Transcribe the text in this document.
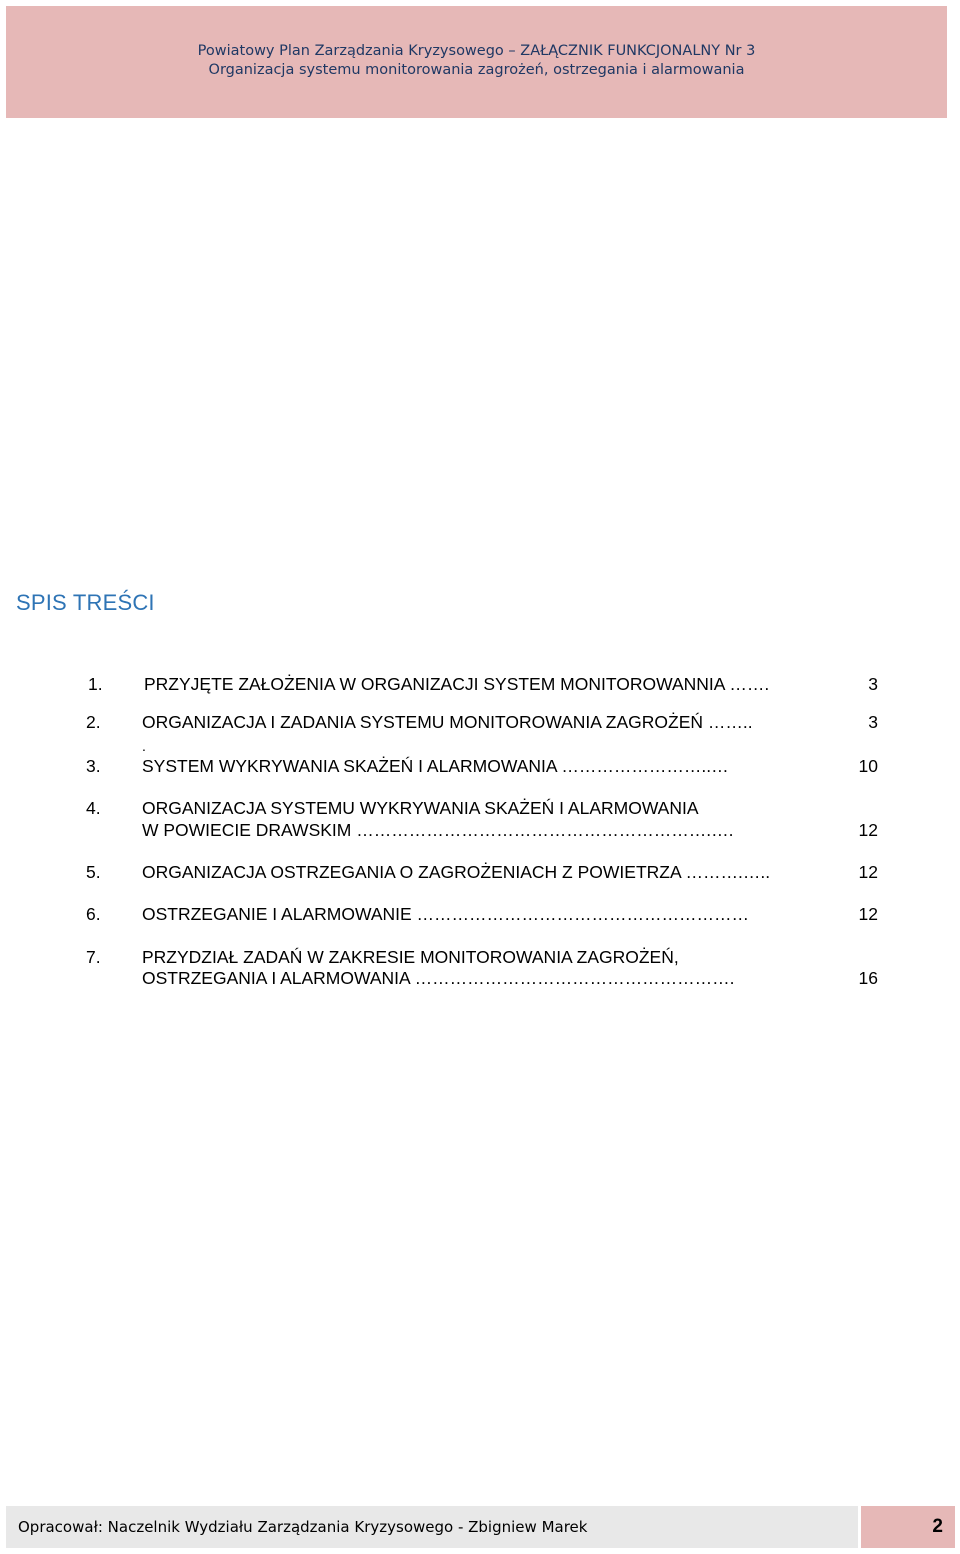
Powiatowy Plan Zarządzania Kryzysowego – ZAŁĄCZNIK FUNKCJONALNY Nr 3
Organizacja systemu monitorowania zagrożeń, ostrzegania i alarmowania
SPIS TREŚCI
1. PRZYJĘTE ZAŁOŻENIA W ORGANIZACJI SYSTEM MONITOROWANNIA …….	3
2. ORGANIZACJA I ZADANIA SYSTEMU MONITOROWANIA ZAGROŻEŃ ……..	3
.
3. SYSTEM WYKRYWANIA SKAŻEŃ I ALARMOWANIA ……………………..…	10
4. ORGANIZACJA SYSTEMU WYKRYWANIA SKAŻEŃ I ALARMOWANIA
W POWIECIE DRAWSKIM …………………………………………………….….	12
5. ORGANIZACJA OSTRZEGANIA O ZAGROŻENIACH Z POWIETRZA ……….…..	12
6. OSTRZEGANIE I ALARMOWANIE …………………………………………………	12
7. PRZYDZIAŁ ZADAŃ W ZAKRESIE MONITOROWANIA ZAGROŻEŃ,
OSTRZEGANIA I ALARMOWANIA ……………………………………………….	16
Opracował: Naczelnik Wydziału Zarządzania Kryzysowego - Zbigniew Marek	2
